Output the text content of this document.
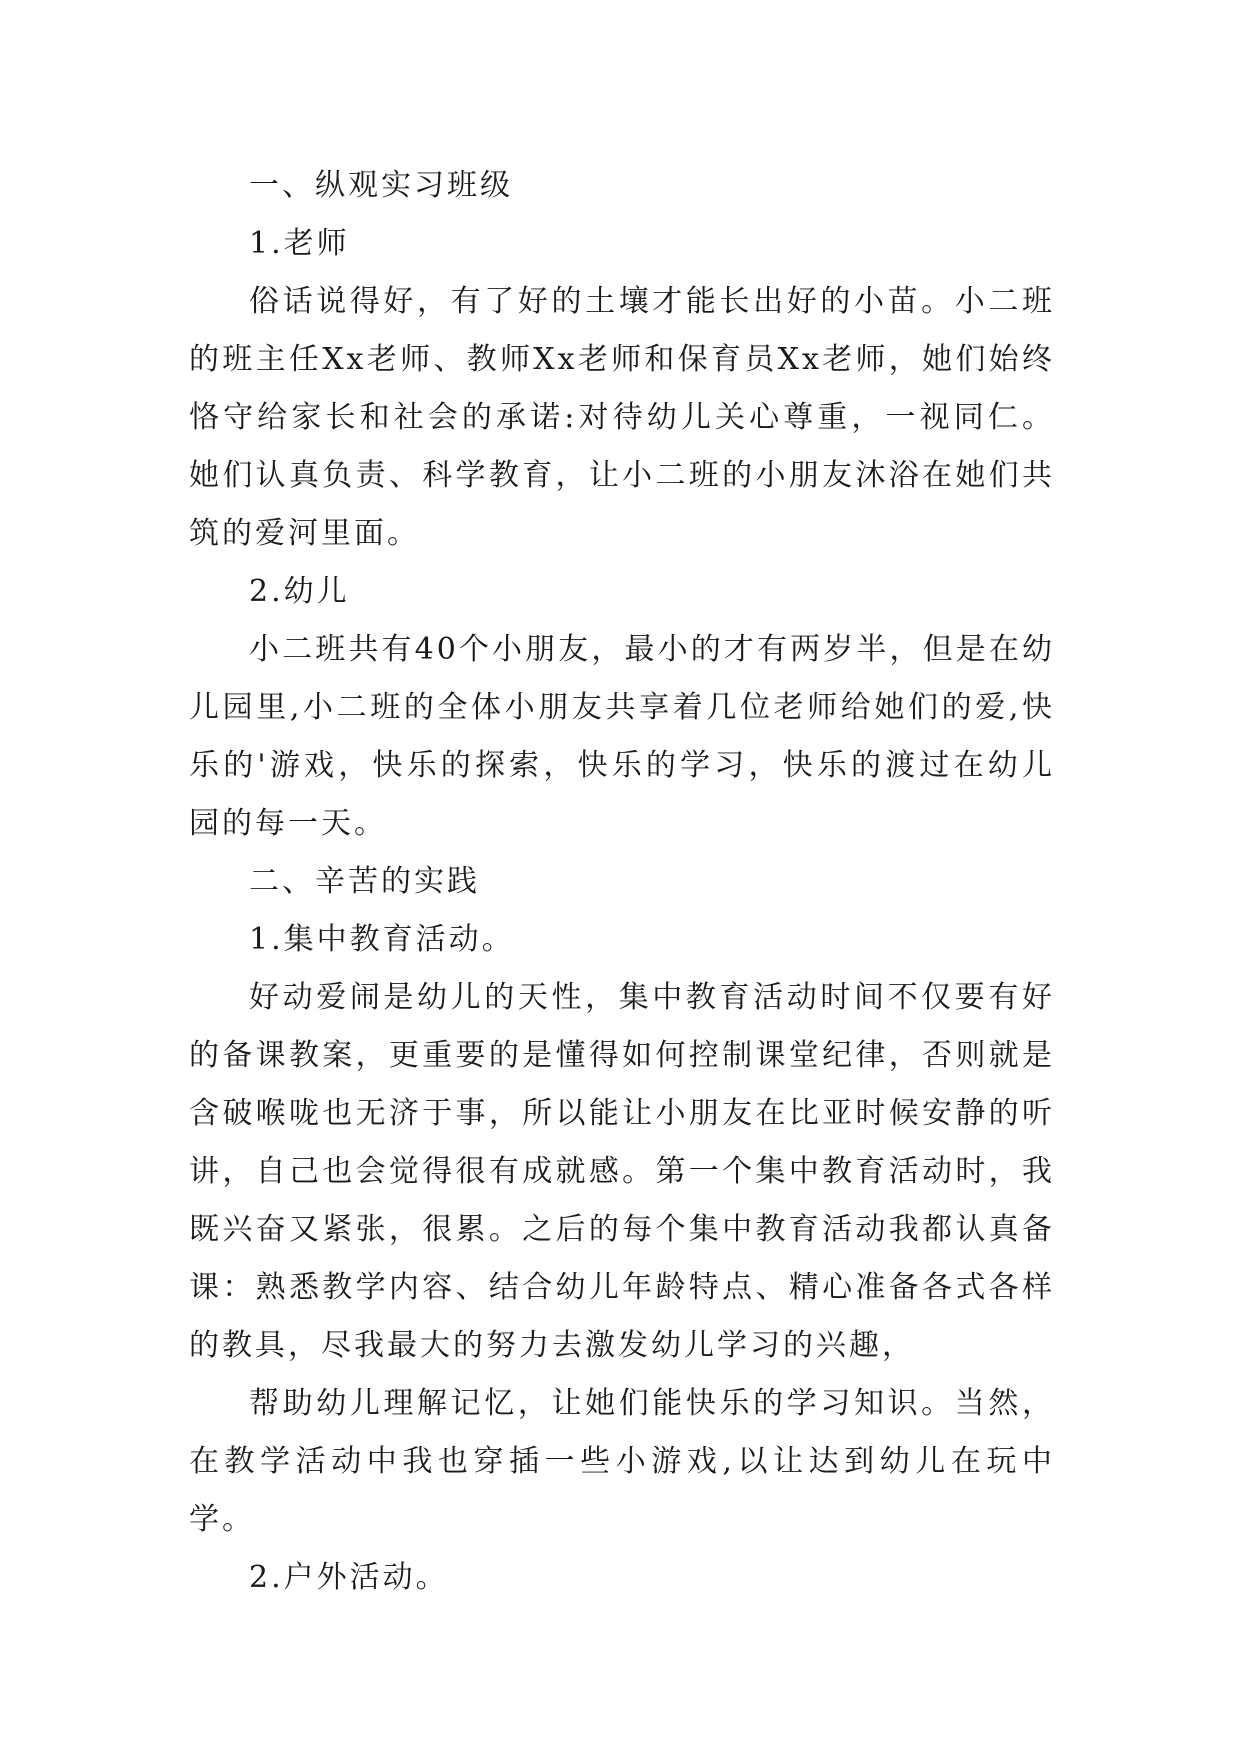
一、纵观实习班级

1.老师

俗话说得好，有了好的土壤才能长出好的小苗。小二班的班主任Xx老师、教师Xx老师和保育员Xx老师，她们始终恪守给家长和社会的承诺:对待幼儿关心尊重，一视同仁。她们认真负责、科学教育，让小二班的小朋友沐浴在她们共筑的爱河里面。

2.幼儿

小二班共有40个小朋友，最小的才有两岁半，但是在幼儿园里,小二班的全体小朋友共享着几位老师给她们的爱,快乐的'游戏，快乐的探索，快乐的学习，快乐的渡过在幼儿园的每一天。

二、辛苦的实践

1.集中教育活动。

好动爱闹是幼儿的天性，集中教育活动时间不仅要有好的备课教案，更重要的是懂得如何控制课堂纪律，否则就是含破喉咙也无济于事，所以能让小朋友在比亚时候安静的听讲，自己也会觉得很有成就感。第一个集中教育活动时，我既兴奋又紧张，很累。之后的每个集中教育活动我都认真备课：熟悉教学内容、结合幼儿年龄特点、精心准备各式各样的教具，尽我最大的努力去激发幼儿学习的兴趣，

帮助幼儿理解记忆，让她们能快乐的学习知识。当然，在教学活动中我也穿插一些小游戏,以让达到幼儿在玩中学。

2.户外活动。
